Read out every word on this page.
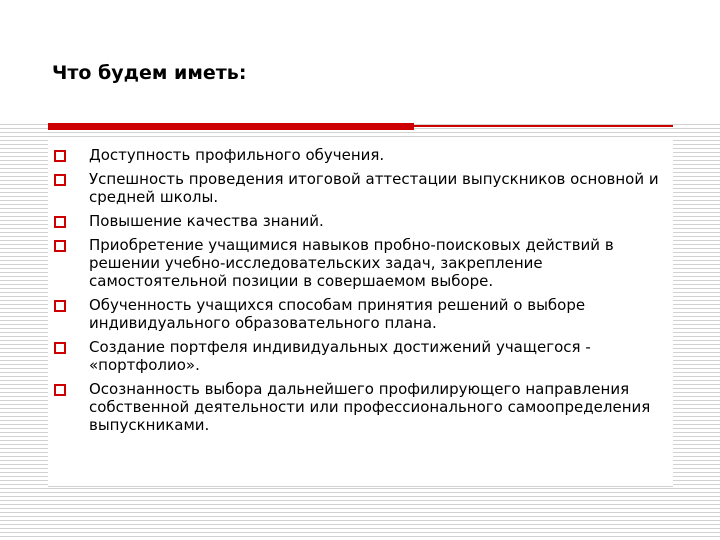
Что будем иметь:
Доступность профильного обучения.
Успешность проведения итоговой аттестации выпускников основной и средней школы.
Повышение качества знаний.
Приобретение учащимися навыков пробно-поисковых действий в решении учебно-исследовательских задач, закрепление самостоятельной позиции в совершаемом выборе.
Обученность учащихся способам принятия решений о выборе индивидуального образовательного плана.
Создание портфеля индивидуальных достижений учащегося - «портфолио».
Осознанность выбора дальнейшего профилирующего направления собственной деятельности или профессионального самоопределения выпускниками.
